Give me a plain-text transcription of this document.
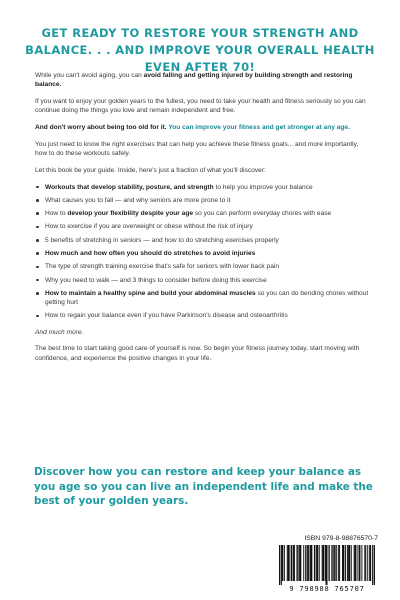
GET READY TO RESTORE YOUR STRENGTH AND BALANCE. . . AND IMPROVE YOUR OVERALL HEALTH EVEN AFTER 70!

While you can't avoid aging, you can avoid falling and getting injured by building strength and restoring balance.

If you want to enjoy your golden years to the fullest, you need to take your health and fitness seriously so you can continue doing the things you love and remain independent and free.

And don't worry about being too old for it. You can improve your fitness and get stronger at any age.

You just need to know the right exercises that can help you achieve these fitness goals... and more importantly, how to do these workouts safely.

Let this book be your guide. Inside, here's just a fraction of what you'll discover:

Workouts that develop stability, posture, and strength to help you improve your balance
What causes you to fall — and why seniors are more prone to it
How to develop your flexibility despite your age so you can perform everyday chores with ease
How to exercise if you are overweight or obese without the risk of injury
5 benefits of stretching in seniors — and how to do stretching exercises properly
How much and how often you should do stretches to avoid injuries
The type of strength training exercise that's safe for seniors with lower back pain
Why you need to walk — and 3 things to consider before doing this exercise
How to maintain a healthy spine and build your abdominal muscles so you can do bending chores without getting hurt
How to regain your balance even if you have Parkinson's disease and osteoarthritis

And much more.

The best time to start taking good care of yourself is now. So begin your fitness journey today, start moving with confidence, and experience the positive changes in your life.

Discover how you can restore and keep your balance as you age so you can live an independent life and make the best of your golden years.
ISBN 979-8-98876570-7
9 798988 765707
